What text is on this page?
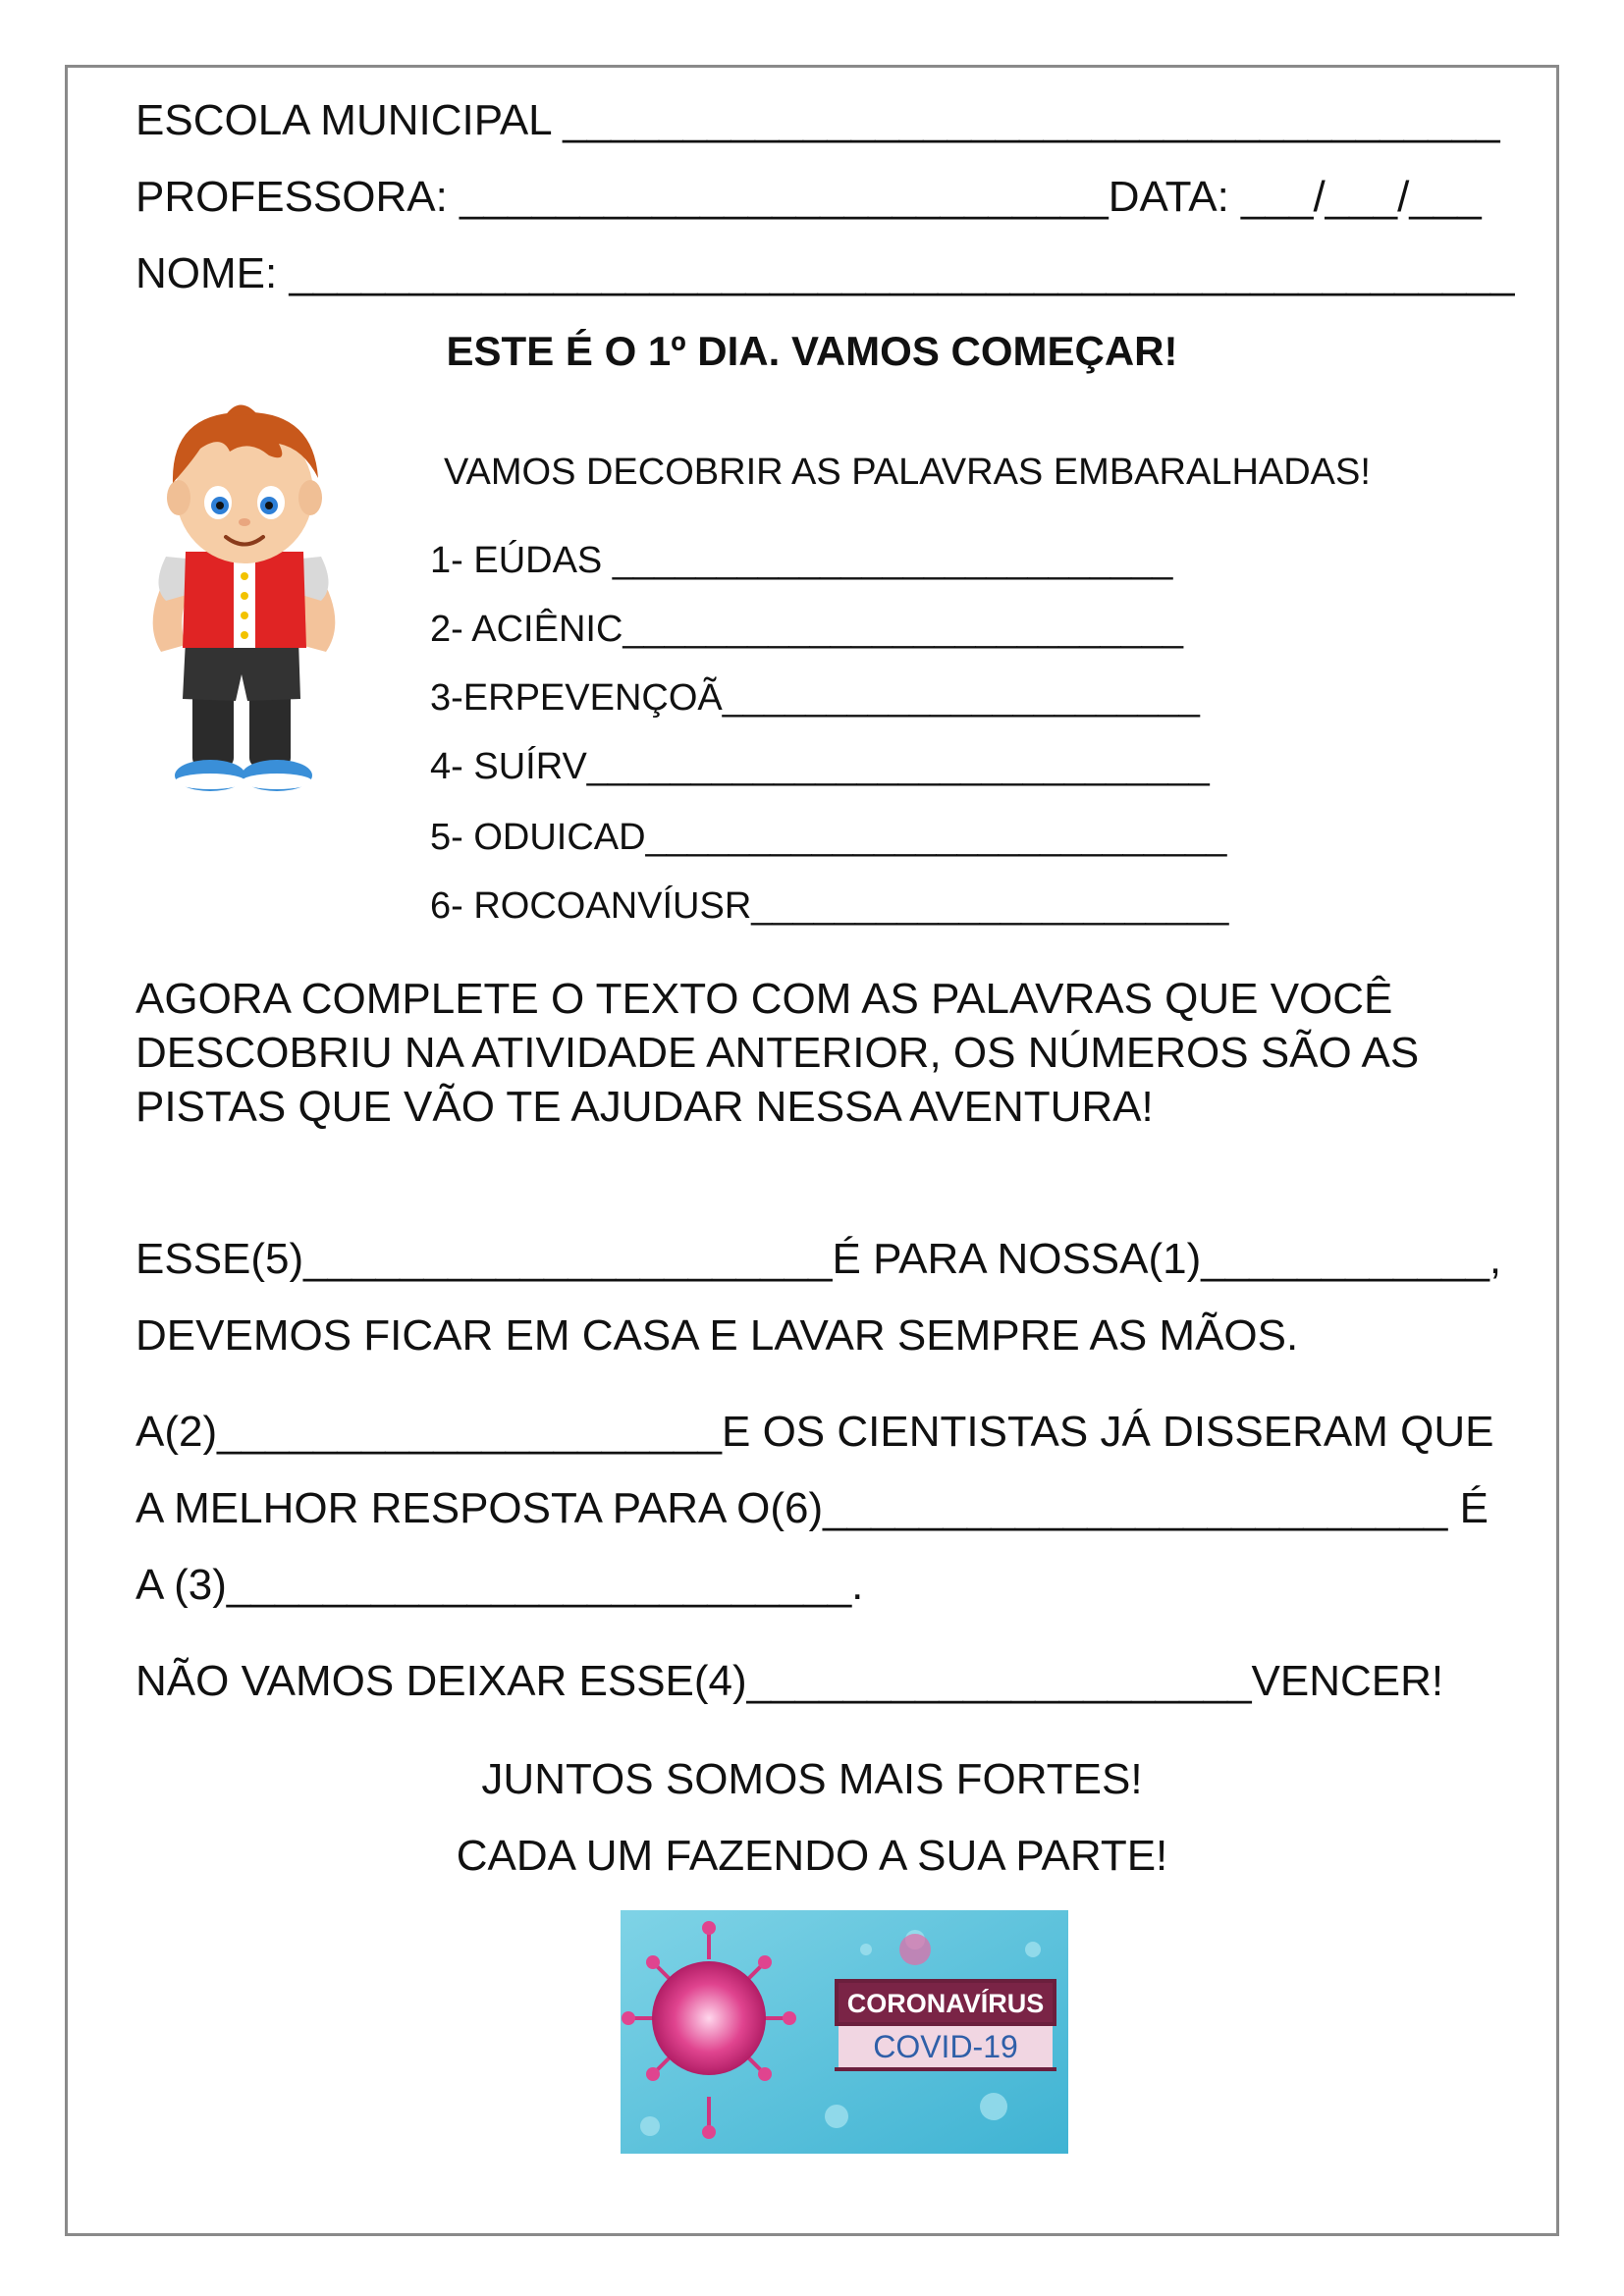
ESCOLA MUNICIPAL _______________________________________
PROFESSORA: ___________________________DATA: ___/___/___
NOME: ___________________________________________________
ESTE É O 1º DIA. VAMOS COMEÇAR!
VAMOS DECOBRIR AS PALAVRAS EMBARALHADAS!
1- EÚDAS ___________________________
2- ACIÊNIC___________________________
3-ERPEVENÇOÃ_______________________
4- SUÍRV______________________________
5- ODUICAD____________________________
6- ROCOANVÍUSR_______________________
AGORA COMPLETE O TEXTO COM AS PALAVRAS QUE VOCÊ
DESCOBRIU NA ATIVIDADE ANTERIOR, OS NÚMEROS SÃO AS
PISTAS QUE VÃO TE AJUDAR NESSA AVENTURA!
ESSE(5)______________________É PARA NOSSA(1)____________,
DEVEMOS FICAR EM CASA E LAVAR SEMPRE AS MÃOS.
A(2)_____________________E OS CIENTISTAS JÁ DISSERAM QUE
A MELHOR RESPOSTA PARA O(6)__________________________ É
A (3)__________________________.
NÃO VAMOS DEIXAR ESSE(4)_____________________VENCER!
JUNTOS SOMOS MAIS FORTES!
CADA UM FAZENDO A SUA PARTE!
CORONAVÍRUS
COVID-19
